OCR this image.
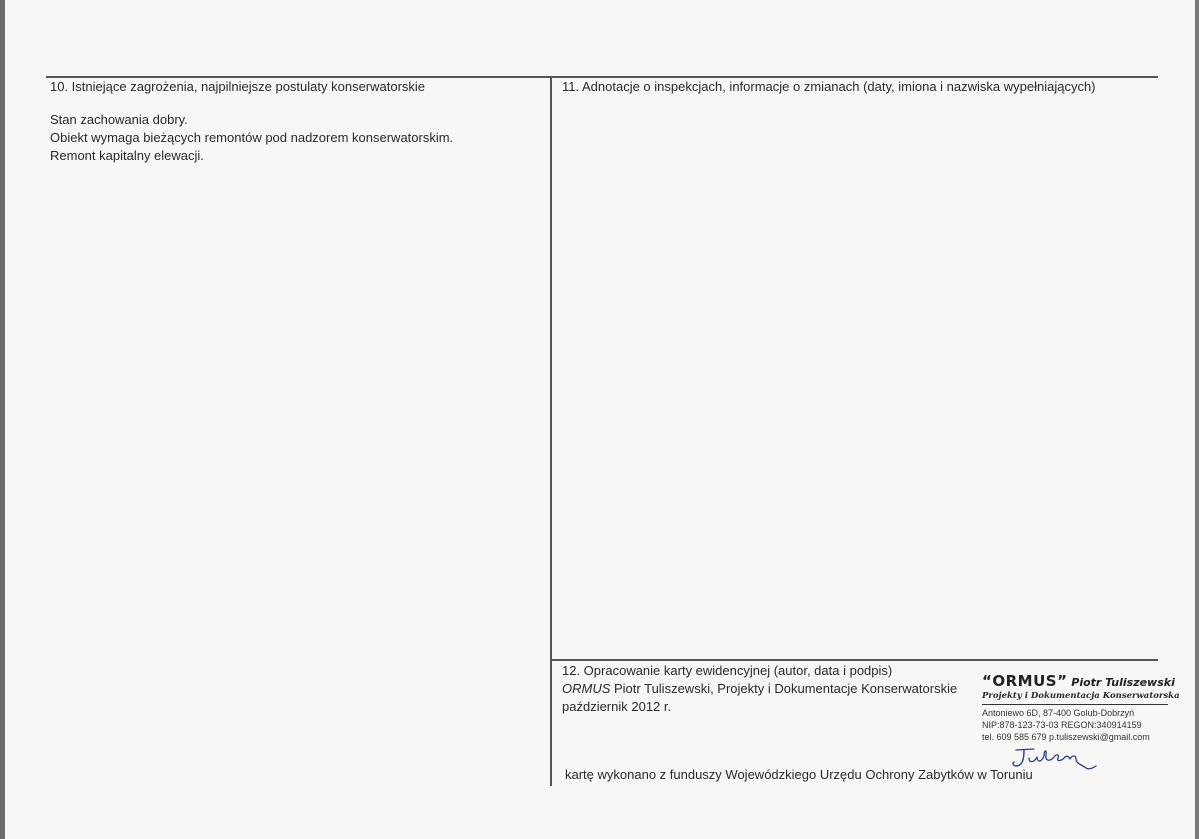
10. Istniejące zagrożenia, najpilniejsze postulaty konserwatorskie
Stan zachowania dobry.
Obiekt wymaga bieżących remontów pod nadzorem konserwatorskim.
Remont kapitalny elewacji.
11. Adnotacje o inspekcjach, informacje o zmianach (daty, imiona i nazwiska wypełniających)
12. Opracowanie karty ewidencyjnej (autor, data i podpis)
ORMUS Piotr Tuliszewski, Projekty i Dokumentacje Konserwatorskie
październik 2012 r.
kartę wykonano z funduszy Wojewódzkiego Urzędu Ochrony Zabytków w Toruniu
“ORMUS” Piotr Tuliszewski
Projekty i Dokumentacja Konserwatorska
Antoniewo 6D, 87-400 Golub-Dobrzyń
NIP:878-123-73-03 REGON:340914159
tel. 609 585 679 p.tuliszewski@gmail.com
